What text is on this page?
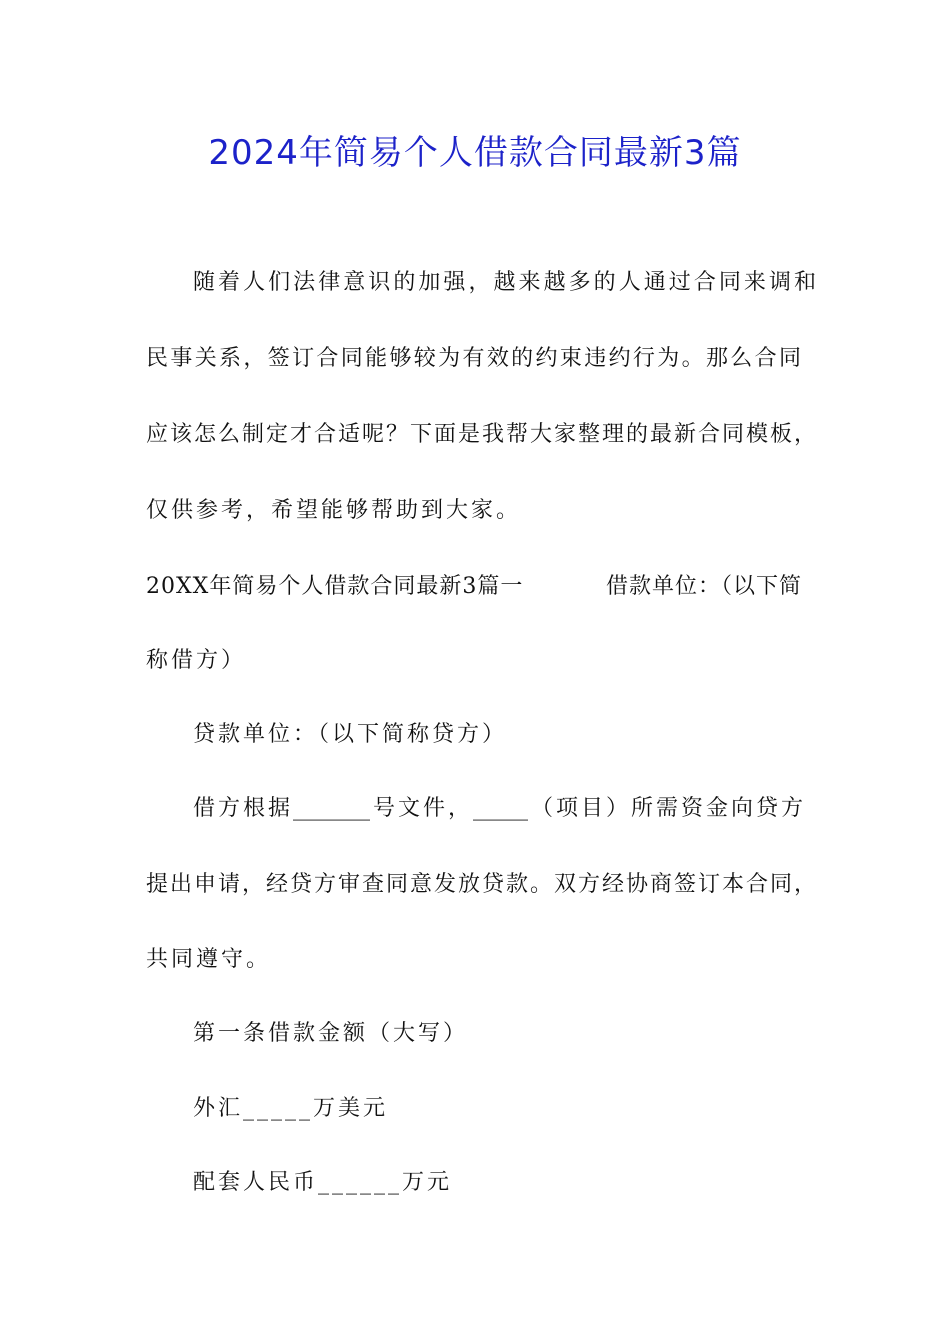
2024年简易个人借款合同最新3篇
随着人们法律意识的加强，越来越多的人通过合同来调和
民事关系，签订合同能够较为有效的约束违约行为。那么合同
应该怎么制定才合适呢？下面是我帮大家整理的最新合同模板，
仅供参考，希望能够帮助到大家。
20XX年简易个人借款合同最新3篇一	借款单位：（以下简
称借方）
贷款单位：（以下简称贷方）
借方根据_______号文件，_____（项目）所需资金向贷方
提出申请，经贷方审查同意发放贷款。双方经协商签订本合同，
共同遵守。
第一条借款金额（大写）
外汇_____万美元
配套人民币______万元
